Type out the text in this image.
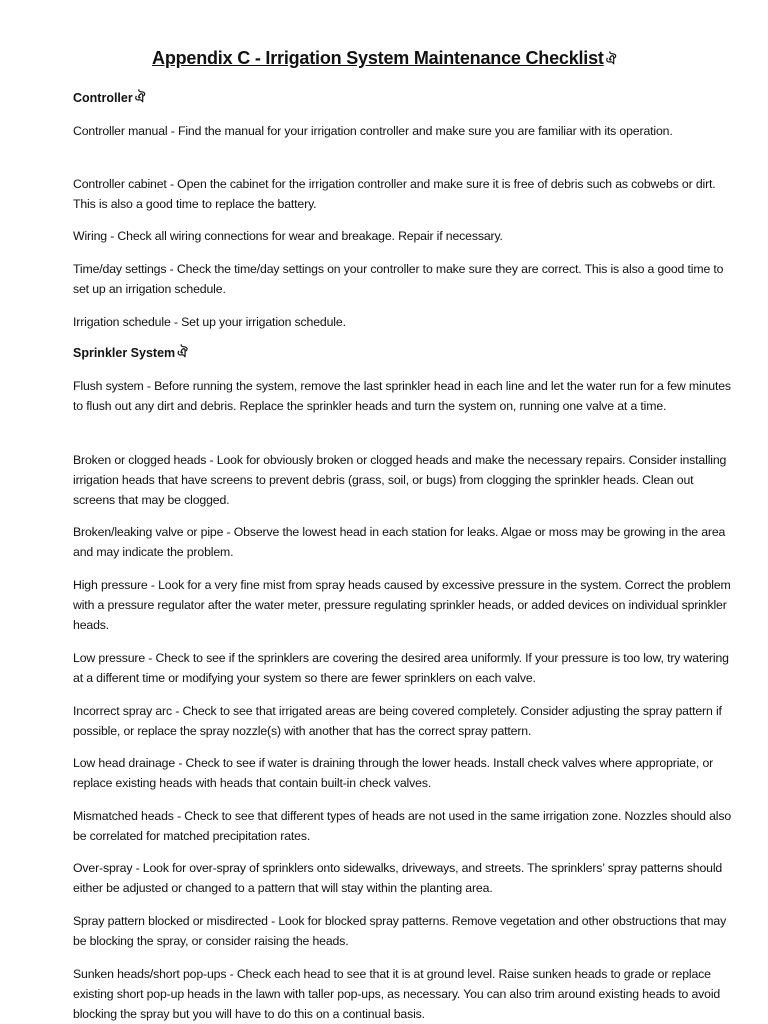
Appendix C - Irrigation System Maintenance Checklist ঐ
Controller ঐ

Controller manual - Find the manual for your irrigation controller and make sure you are familiar with its operation.

Controller cabinet - Open the cabinet for the irrigation controller and make sure it is free of debris such as cobwebs or dirt. This is also a good time to replace the battery.

Wiring - Check all wiring connections for wear and breakage. Repair if necessary.

Time/day settings - Check the time/day settings on your controller to make sure they are correct. This is also a good time to set up an irrigation schedule.

Irrigation schedule - Set up your irrigation schedule.

Sprinkler System ঐ

Flush system - Before running the system, remove the last sprinkler head in each line and let the water run for a few minutes to flush out any dirt and debris. Replace the sprinkler heads and turn the system on, running one valve at a time.

Broken or clogged heads - Look for obviously broken or clogged heads and make the necessary repairs. Consider installing irrigation heads that have screens to prevent debris (grass, soil, or bugs) from clogging the sprinkler heads. Clean out screens that may be clogged.

Broken/leaking valve or pipe - Observe the lowest head in each station for leaks. Algae or moss may be growing in the area and may indicate the problem.

High pressure - Look for a very fine mist from spray heads caused by excessive pressure in the system. Correct the problem with a pressure regulator after the water meter, pressure regulating sprinkler heads, or added devices on individual sprinkler heads.

Low pressure - Check to see if the sprinklers are covering the desired area uniformly. If your pressure is too low, try watering at a different time or modifying your system so there are fewer sprinklers on each valve.

Incorrect spray arc - Check to see that irrigated areas are being covered completely. Consider adjusting the spray pattern if possible, or replace the spray nozzle(s) with another that has the correct spray pattern.

Low head drainage - Check to see if water is draining through the lower heads. Install check valves where appropriate, or replace existing heads with heads that contain built-in check valves.

Mismatched heads - Check to see that different types of heads are not used in the same irrigation zone. Nozzles should also be correlated for matched precipitation rates.

Over-spray - Look for over-spray of sprinklers onto sidewalks, driveways, and streets. The sprinklers’ spray patterns should either be adjusted or changed to a pattern that will stay within the planting area.

Spray pattern blocked or misdirected - Look for blocked spray patterns. Remove vegetation and other obstructions that may be blocking the spray, or consider raising the heads.

Sunken heads/short pop-ups - Check each head to see that it is at ground level. Raise sunken heads to grade or replace existing short pop-up heads in the lawn with taller pop-ups, as necessary. You can also trim around existing heads to avoid blocking the spray but you will have to do this on a continual basis.
